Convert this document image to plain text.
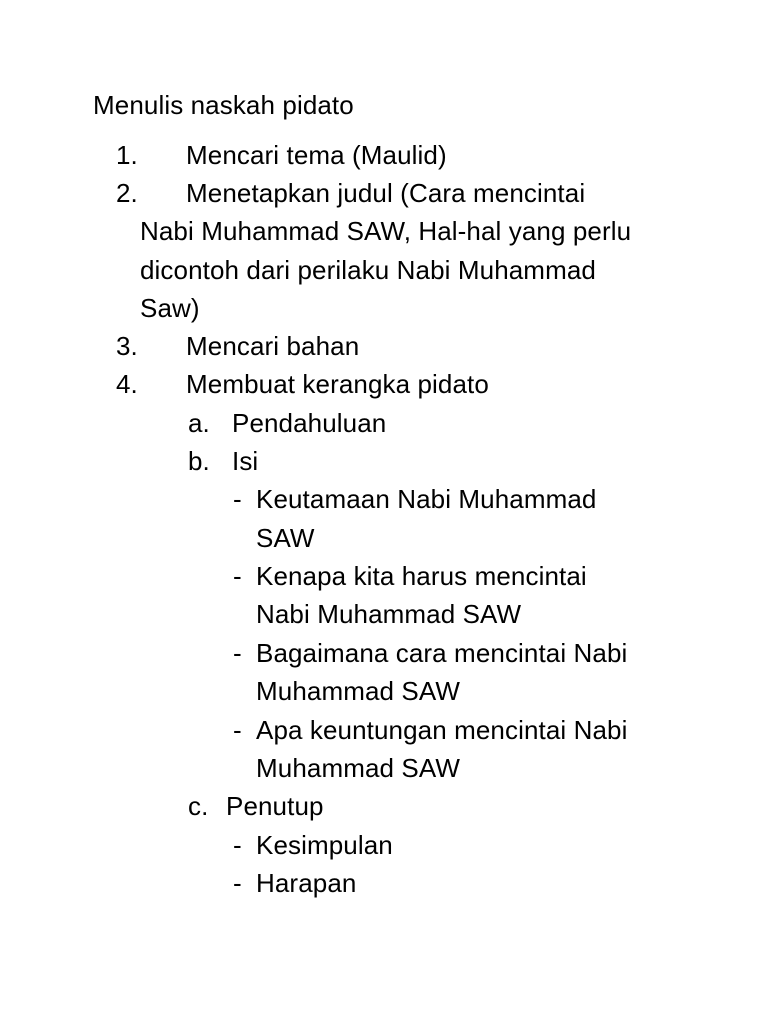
Menulis naskah pidato
1. Mencari tema (Maulid)
2. Menetapkan judul (Cara mencintai
Nabi Muhammad SAW, Hal-hal yang perlu
dicontoh dari perilaku Nabi Muhammad
Saw)
3. Mencari bahan
4. Membuat kerangka pidato
a. Pendahuluan
b. Isi
- Keutamaan Nabi Muhammad
SAW
- Kenapa kita harus mencintai
Nabi Muhammad SAW
- Bagaimana cara mencintai Nabi
Muhammad SAW
- Apa keuntungan mencintai Nabi
Muhammad SAW
c. Penutup
- Kesimpulan
- Harapan
